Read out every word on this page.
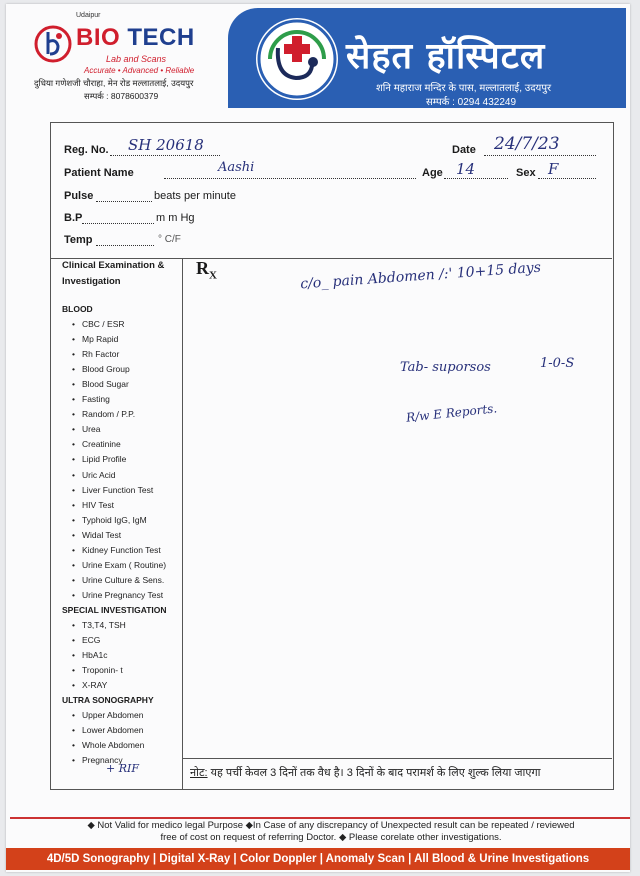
Udaipur
BIO TECH
Lab and Scans
Accurate • Advanced • Reliable
दुधिया गणेशजी चौराहा, मेन रोड मल्लातलाई, उदयपुर
सम्पर्क : 8078600379
सेहत हॉस्पिटल
शनि महाराज मन्दिर के पास, मल्लातलाई, उदयपुर
सम्पर्क : 0294 432249
Reg. No. SH 20618	Date 24/7/23
Patient Name	Aashi	Age 14	Sex F
Pulse	beats per minute
B.P	m m Hg
Temp	° C/F
Clinical Examination &
Investigation
BLOOD
• CBC / ESR
• Mp Rapid
• Rh Factor
• Blood Group
• Blood Sugar
• Fasting
• Random / P.P.
• Urea
• Creatinine
• Lipid Profile
• Uric Acid
• Liver Function Test
• HIV Test
• Typhoid IgG, IgM
• Widal Test
• Kidney Function Test
• Urine Exam ( Routine)
• Urine Culture & Sens.
• Urine Pregnancy Test
SPECIAL INVESTIGATION
• T3,T4, TSH
• ECG
• HbA1c
• Troponin- t
• X-RAY
ULTRA SONOGRAPHY
• Upper Abdomen
• Lower Abdomen
• Whole Abdomen
• Pregnancy
$R_X$	c/o_ pain Abdomen /:' 10+15 days
Tab- suporsos	1-0-S
R/w E Reports.
नोट: यह पर्ची केवल 3 दिनों तक वैध है। 3 दिनों के बाद परामर्श के लिए शुल्क लिया जाएगा
+ RIF
◆ Not Valid for medico legal Purpose ◆In Case of any discrepancy of Unexpected result can be repeated / reviewed
free of cost on request of referring Doctor. ◆ Please corelate other investigations.
4D/5D Sonography | Digital X-Ray | Color Doppler | Anomaly Scan | All Blood & Urine Investigations
